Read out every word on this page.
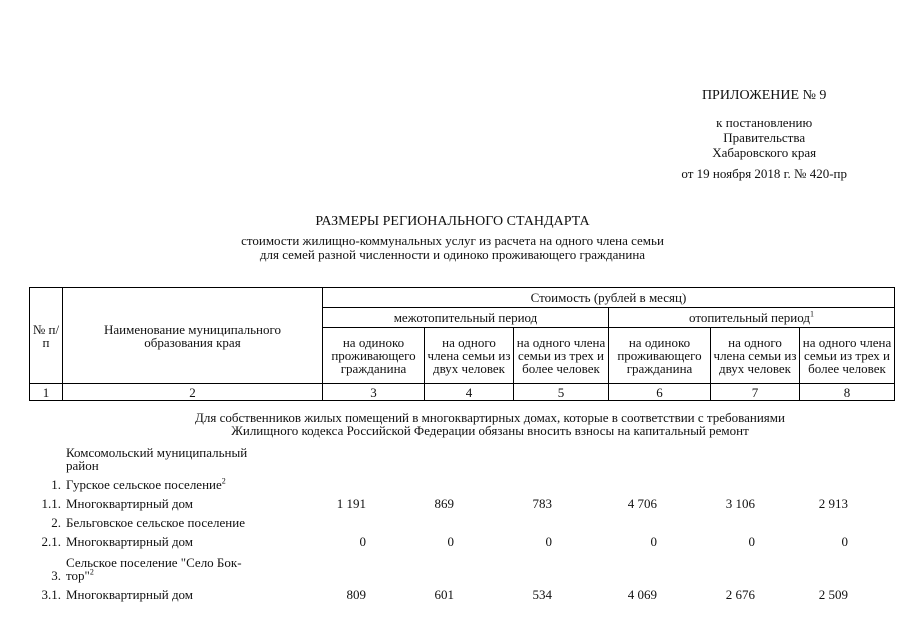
ПРИЛОЖЕНИЕ № 9
к постановлению
Правительства
Хабаровского края
от 19 ноября 2018 г. № 420-пр
РАЗМЕРЫ РЕГИОНАЛЬНОГО СТАНДАРТА
стоимости жилищно-коммунальных услуг из расчета на одного члена семьи
для семей разной численности и одиноко проживающего гражданина
№ п/п	Наименование муниципального образования края	Стоимость (рублей в месяц)					
		межотопительный период			отопительный период$^1$
		на одиноко проживающего гражданина	на одного члена семьи из двух человек	на одного члена семьи из трех и более человек	на одиноко проживающего гражданина	на одного члена семьи из двух человек	на одного члена семьи из трех и более человек
1	2	3	4	5	6	7	8
Для собственников жилых помещений в многоквартирных домах, которые в соответствии с требованиями
Жилищного кодекса Российской Федерации обязаны вносить взносы на капитальный ремонт
Комсомольский муниципальный
район
1. Гурское сельское поселение$^2$
1.1. Многоквартирный дом	1 191	869	783	4 706	3 106	2 913
2. Бельговское сельское поселение
2.1. Многоквартирный дом	0	0	0	0	0	0
3.
Сельское поселение "Село Бок-
тор"$^2$
3.1. Многоквартирный дом	809	601	534	4 069	2 676	2 509
